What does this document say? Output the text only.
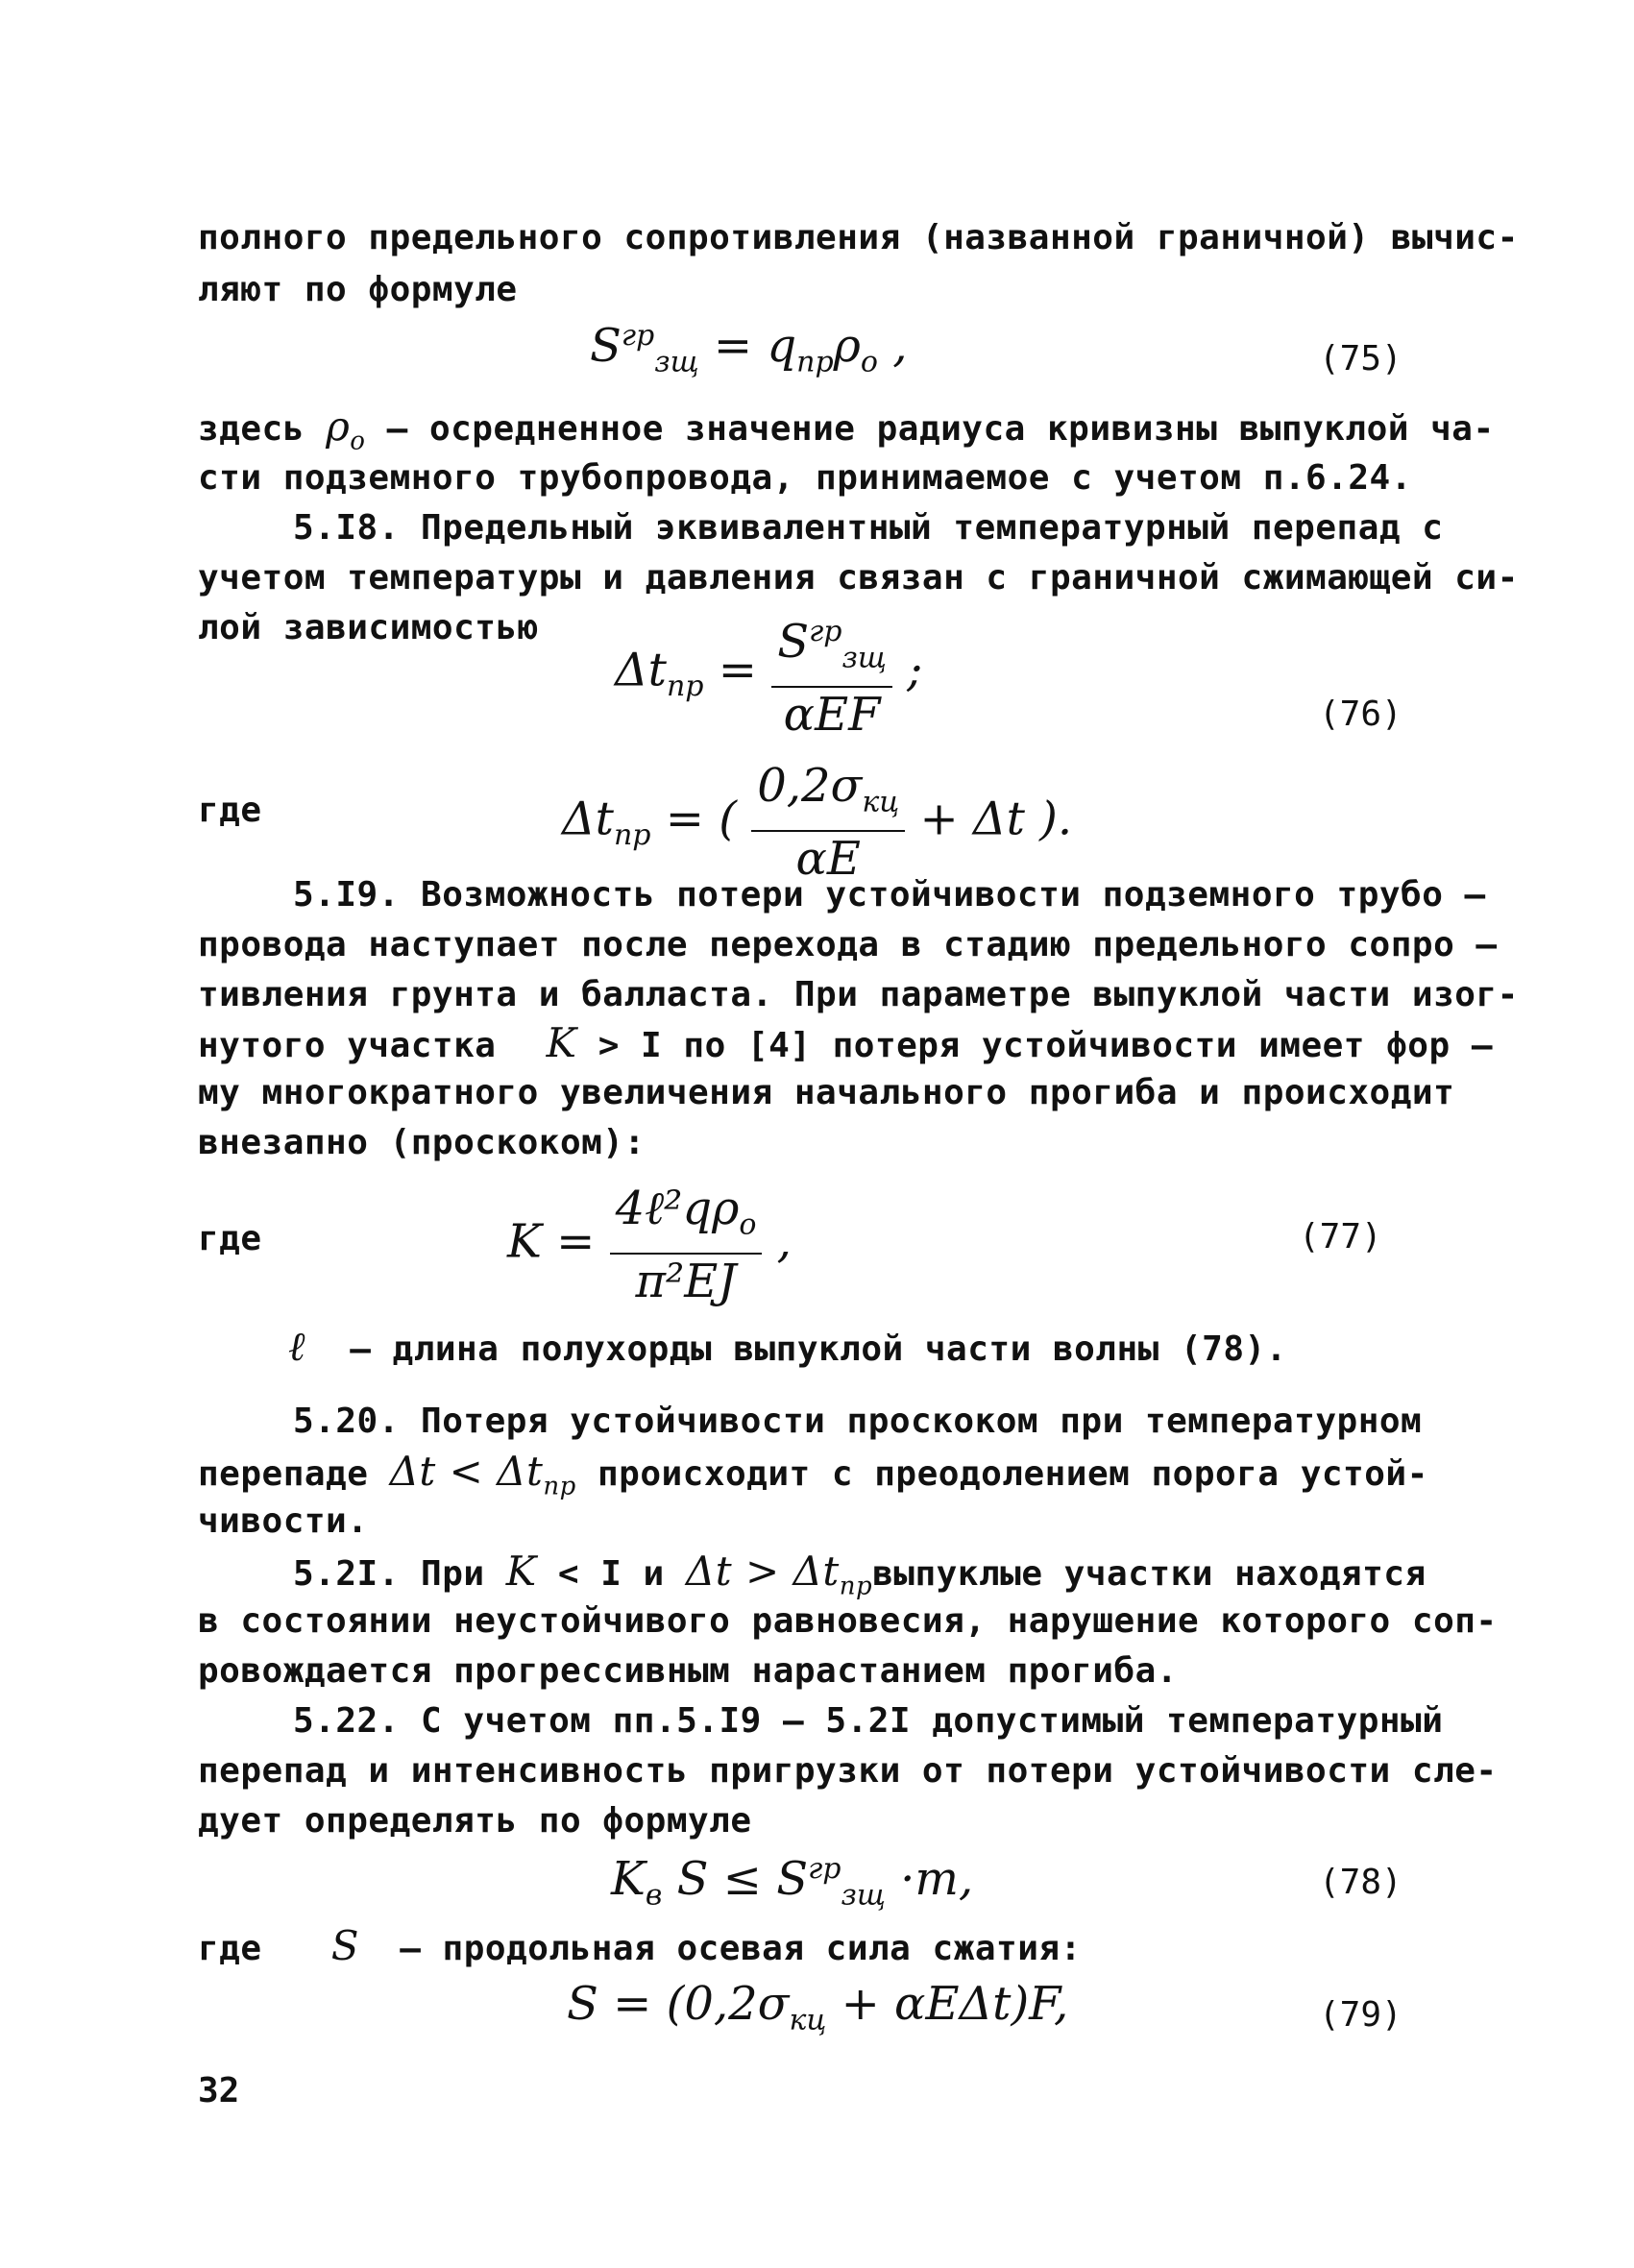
полного предельного сопротивления (названной граничной) вычис-
ляют по формуле
$S^{гр}_{зщ} = q_{пр}\rho_о$ ,	(75)
здесь $\rho_о$ – осредненное значение радиуса кривизны выпуклой ча-
сти подземного трубопровода, принимаемое с учетом п.6.24.
5.I8. Предельный эквивалентный температурный перепад с
учетом температуры и давления связан с граничной сжимающей си-
лой зависимостью
$\Delta t_{пр} = \frac{S^{гр}_{зщ}}{\text{αEF}}$ ;
(76)
где	$\Delta t_{пр}$ = ( $\frac{0,2\sigma_{кц}}{\alpha E} + \Delta t$ ).
5.I9. Возможность потери устойчивости подземного трубо –
провода наступает после перехода в стадию предельного сопро –
тивления грунта и балласта. При параметре выпуклой части изог-
нутого участка K > I по [4] потеря устойчивости имеет фор –
му многократного увеличения начального прогиба и происходит
внезапно (проскоком):
где	$K = \frac{4\ell^2q\rho_о}{\text{π²EJ}}$ ,	(77)
ℓ – длина полухорды выпуклой части волны (78).
5.20. Потеря устойчивости проскоком при температурном
перепаде $\Delta t < \Delta t_{пр}$ происходит с преодолением порога устой-
чивости.
5.2I. При K < I и $\Delta t > \Delta t_{пр}выпуклые$ участки находятся
в состоянии неустойчивого равновесия, нарушение которого соп-
ровождается прогрессивным нарастанием прогиба.
5.22. С учетом пп.5.I9 – 5.2I допустимый температурный
перепад и интенсивность пригрузки от потери устойчивости сле-
дует определять по формуле
$K_в$ $S \le S^{гр}_{зщ} \cdot m$,	(78)
где S – продольная осевая сила сжатия:
$S = (0,2\sigma_{кц} + \alpha E\Delta t)F$,	(79)
32
